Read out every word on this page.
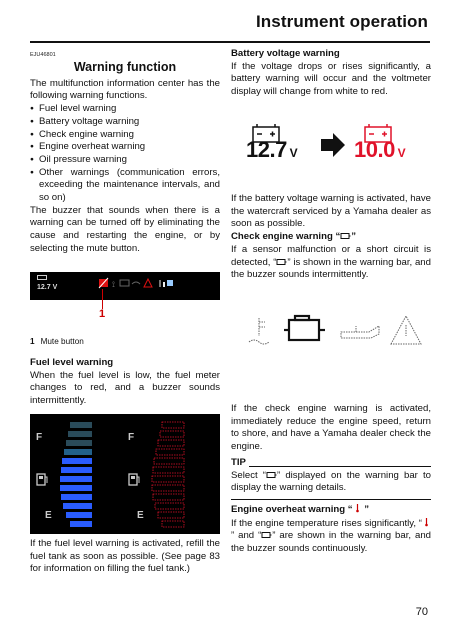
Instrument operation
EJU46801
Warning function

The multifunction information center has the following warning functions.

● Fuel level warning
● Battery voltage warning
● Check engine warning
● Engine overheat warning
● Oil pressure warning
● Other warnings (communication errors, exceeding the maintenance intervals, and so on)

The buzzer that sounds when there is a warning can be turned off by eliminating the cause and restarting the engine, or by selecting the mute button.

12.7 V	⟟
1
1 Mute button
Fuel level warning

When the fuel level is low, the fuel meter changes to red, and a buzzer sounds intermittently.

F
E
F
E

If the fuel level warning is activated, refill the fuel tank as soon as possible. (See page 83 for information on filling the fuel tank.)

Battery voltage warning

If the voltage drops or rises significantly, a battery warning will occur and the voltmeter display will change from white to red.

12.7 V	10.0 V

If the battery voltage warning is activated, have the watercraft serviced by a Yamaha dealer as soon as possible.

Check engine warning “ ”

If a sensor malfunction or a short circuit is detected, “ ” is shown in the warning bar, and the buzzer sounds intermittently.

If the check engine warning is activated, immediately reduce the engine speed, return to shore, and have a Yamaha dealer check the engine.

TIP

Select “ ” displayed on the warning bar to display the warning details.

Engine overheat warning “ ”

If the engine temperature rises significantly, “ ” and “ ” are shown in the warning bar, and the buzzer sounds continuously.

70
